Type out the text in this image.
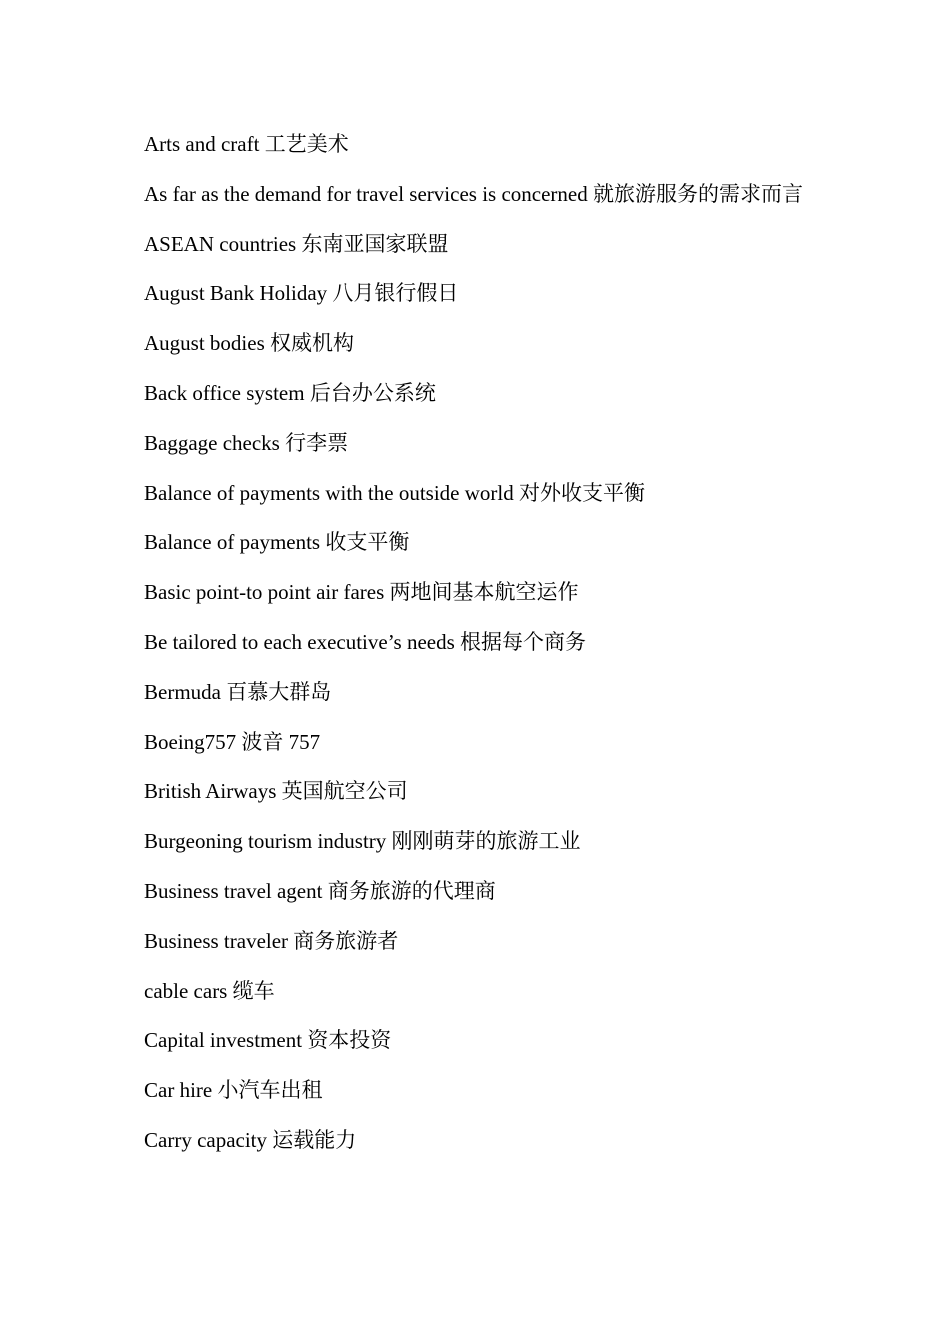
Arts and craft 工艺美术
As far as the demand for travel services is concerned 就旅游服务的需求而言
ASEAN countries 东南亚国家联盟
August Bank Holiday 八月银行假日
August bodies 权威机构
Back office system 后台办公系统
Baggage checks 行李票
Balance of payments with the outside world 对外收支平衡
Balance of payments 收支平衡
Basic point-to point air fares 两地间基本航空运作
Be tailored to each executive’s needs 根据每个商务
Bermuda 百慕大群岛
Boeing757 波音 757
British Airways 英国航空公司
Burgeoning tourism industry 刚刚萌芽的旅游工业
Business travel agent 商务旅游的代理商
Business traveler 商务旅游者
cable cars 缆车
Capital investment 资本投资
Car hire 小汽车出租
Carry capacity 运载能力
